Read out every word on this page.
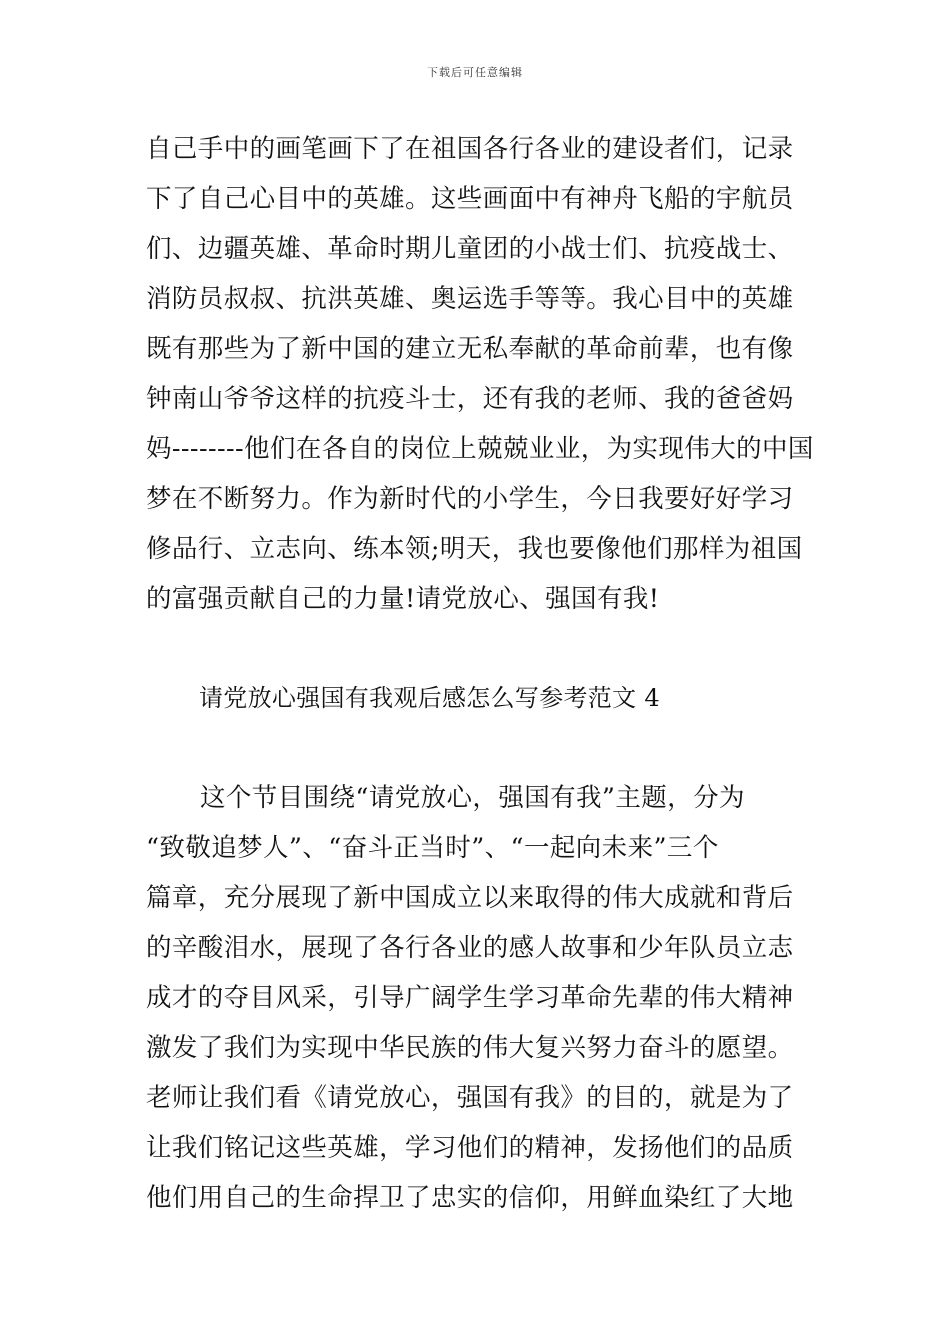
下载后可任意编辑
自己手中的画笔画下了在祖国各行各业的建设者们，记录
下了自己心目中的英雄。这些画面中有神舟飞船的宇航员
们、边疆英雄、革命时期儿童团的小战士们、抗疫战士、
消防员叔叔、抗洪英雄、奥运选手等等。我心目中的英雄
既有那些为了新中国的建立无私奉献的革命前辈，也有像
钟南山爷爷这样的抗疫斗士，还有我的老师、我的爸爸妈
妈--------他们在各自的岗位上兢兢业业，为实现伟大的中国
梦在不断努力。作为新时代的小学生，今日我要好好学习
修品行、立志向、练本领;明天，我也要像他们那样为祖国
的富强贡献自己的力量!请党放心、强国有我!
请党放心强国有我观后感怎么写参考范文 4
这个节目围绕“请党放心，强国有我”主题，分为
“致敬追梦人”、“奋斗正当时”、“一起向未来”三个
篇章，充分展现了新中国成立以来取得的伟大成就和背后
的辛酸泪水，展现了各行各业的感人故事和少年队员立志
成才的夺目风采，引导广阔学生学习革命先辈的伟大精神
激发了我们为实现中华民族的伟大复兴努力奋斗的愿望。
老师让我们看《请党放心，强国有我》的目的，就是为了
让我们铭记这些英雄，学习他们的精神，发扬他们的品质
他们用自己的生命捍卫了忠实的信仰，用鲜血染红了大地
